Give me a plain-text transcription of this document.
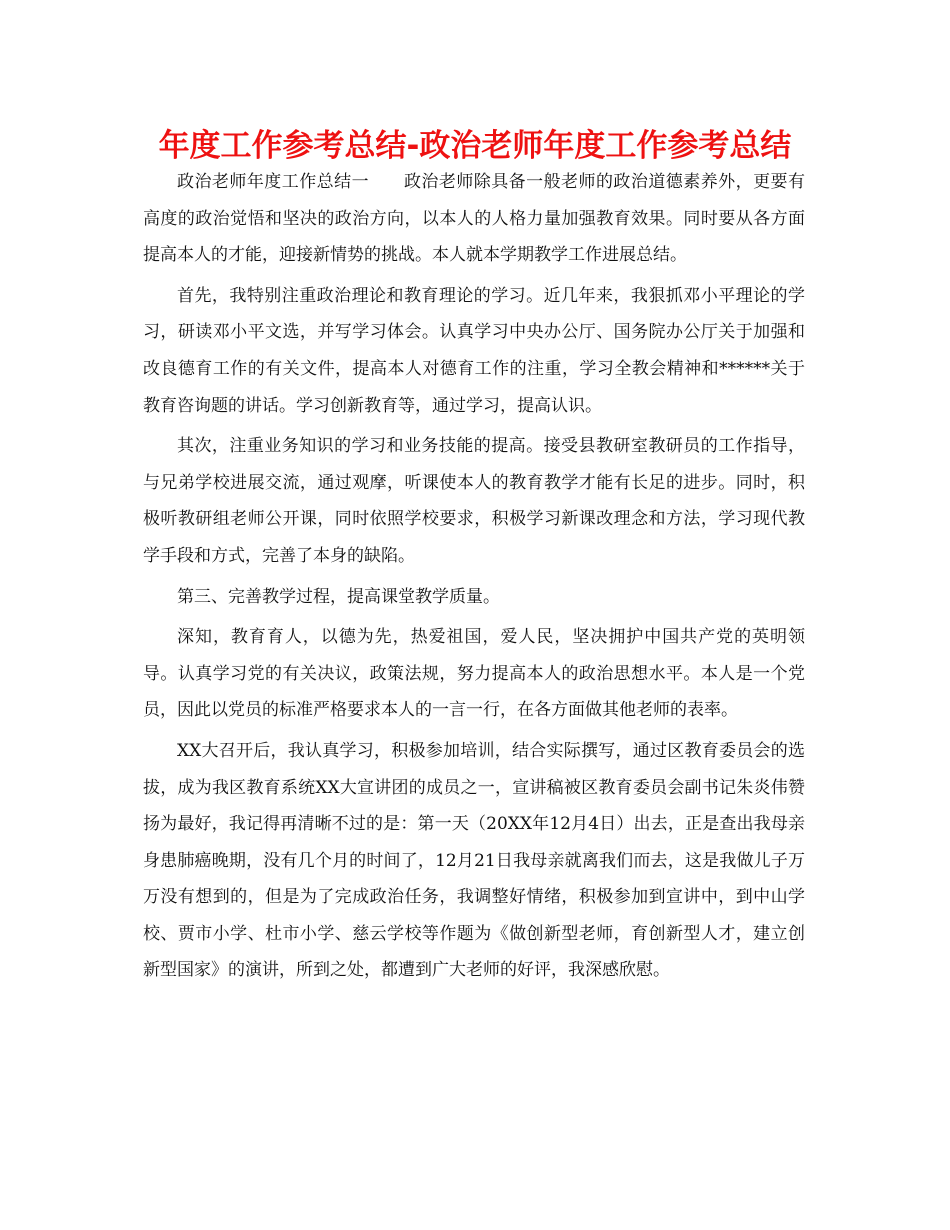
年度工作参考总结-政治老师年度工作参考总结

政治老师年度工作总结一　　政治老师除具备一般老师的政治道德素养外，更要有高度的政治觉悟和坚决的政治方向，以本人的人格力量加强教育效果。同时要从各方面提高本人的才能，迎接新情势的挑战。本人就本学期教学工作进展总结。

首先，我特别注重政治理论和教育理论的学习。近几年来，我狠抓邓小平理论的学习，研读邓小平文选，并写学习体会。认真学习中央办公厅、国务院办公厅关于加强和改良德育工作的有关文件，提高本人对德育工作的注重，学习全教会精神和******关于教育咨询题的讲话。学习创新教育等，通过学习，提高认识。

其次，注重业务知识的学习和业务技能的提高。接受县教研室教研员的工作指导，与兄弟学校进展交流，通过观摩，听课使本人的教育教学才能有长足的进步。同时，积极听教研组老师公开课，同时依照学校要求，积极学习新课改理念和方法，学习现代教学手段和方式，完善了本身的缺陷。

第三、完善教学过程，提高课堂教学质量。

深知，教育育人，以德为先，热爱祖国，爱人民，坚决拥护中国共产党的英明领导。认真学习党的有关决议，政策法规，努力提高本人的政治思想水平。本人是一个党员，因此以党员的标准严格要求本人的一言一行，在各方面做其他老师的表率。

XX大召开后，我认真学习，积极参加培训，结合实际撰写，通过区教育委员会的选拔，成为我区教育系统XX大宣讲团的成员之一，宣讲稿被区教育委员会副书记朱炎伟赞扬为最好，我记得再清晰不过的是：第一天（20XX年12月4日）出去，正是查出我母亲身患肺癌晚期，没有几个月的时间了，12月21日我母亲就离我们而去，这是我做儿子万万没有想到的，但是为了完成政治任务，我调整好情绪，积极参加到宣讲中，到中山学校、贾市小学、杜市小学、慈云学校等作题为《做创新型老师，育创新型人才，建立创新型国家》的演讲，所到之处，都遭到广大老师的好评，我深感欣慰。
